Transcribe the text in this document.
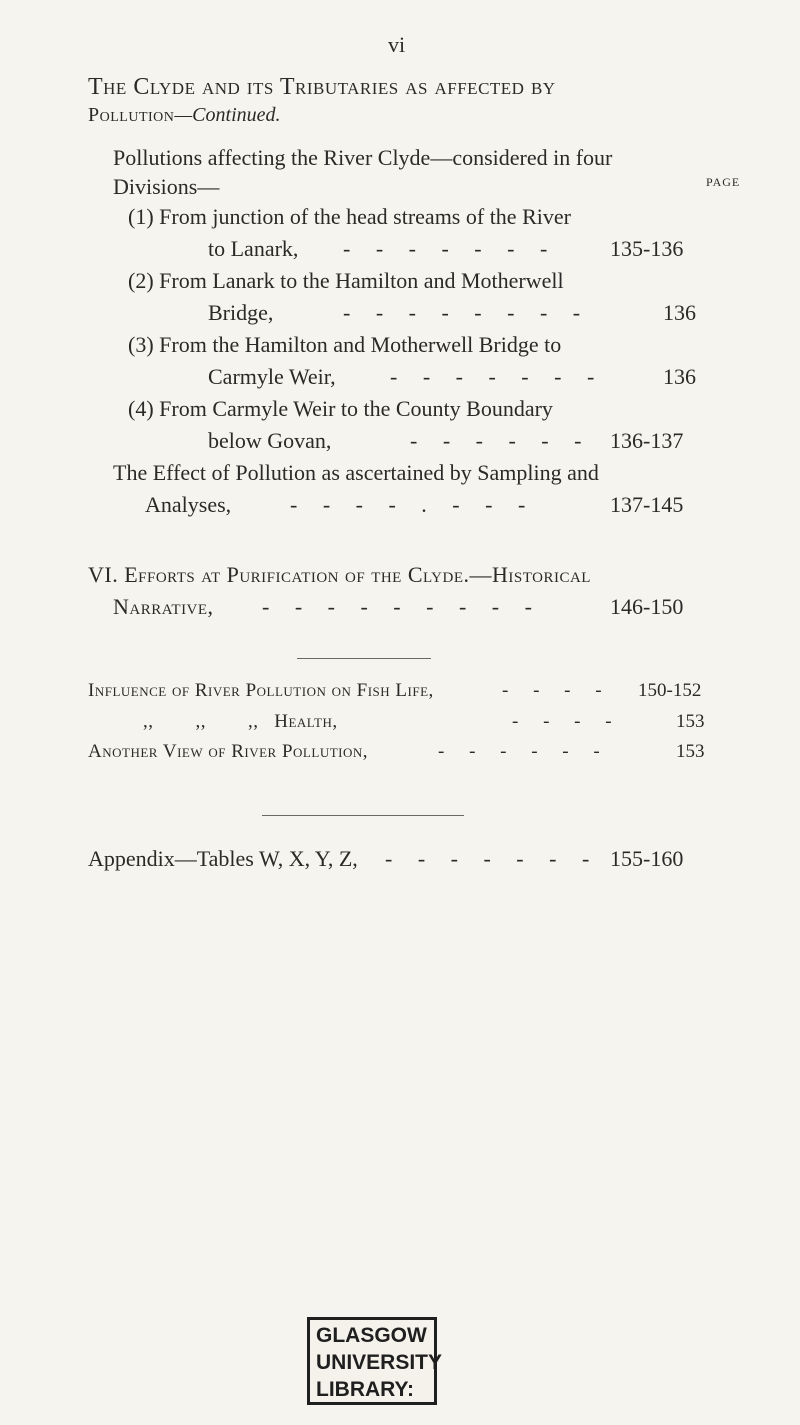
vi
The Clyde and its Tributaries as affected by
Pollution—Continued.
Pollutions affecting the River Clyde—considered in four
Divisions—	PAGE
(1) From junction of the head streams of the River
to Lanark, - - - - - - - 135-136
(2) From Lanark to the Hamilton and Motherwell
Bridge,	- - - - - - - -	136
(3) From the Hamilton and Motherwell Bridge to
Carmyle Weir, - - - - - - -	136
(4) From Carmyle Weir to the County Boundary
below Govan,	- - - - - - 136-137
The Effect of Pollution as ascertained by Sampling and
Analyses,	- - - - . - - -	137-145
VI. Efforts at Purification of the Clyde.—Historical
Narrative, - - - - - - - - -	146-150
Influence of River Pollution on Fish Life,	- - - - 150-152
,,        ,,        ,,   Health,	- - - -	153
Another View of River Pollution,	- - - - - -	153
Appendix—Tables W, X, Y, Z, - - - - - - - 155-160
GLASGOW
UNIVERSITY
LIBRARY:
